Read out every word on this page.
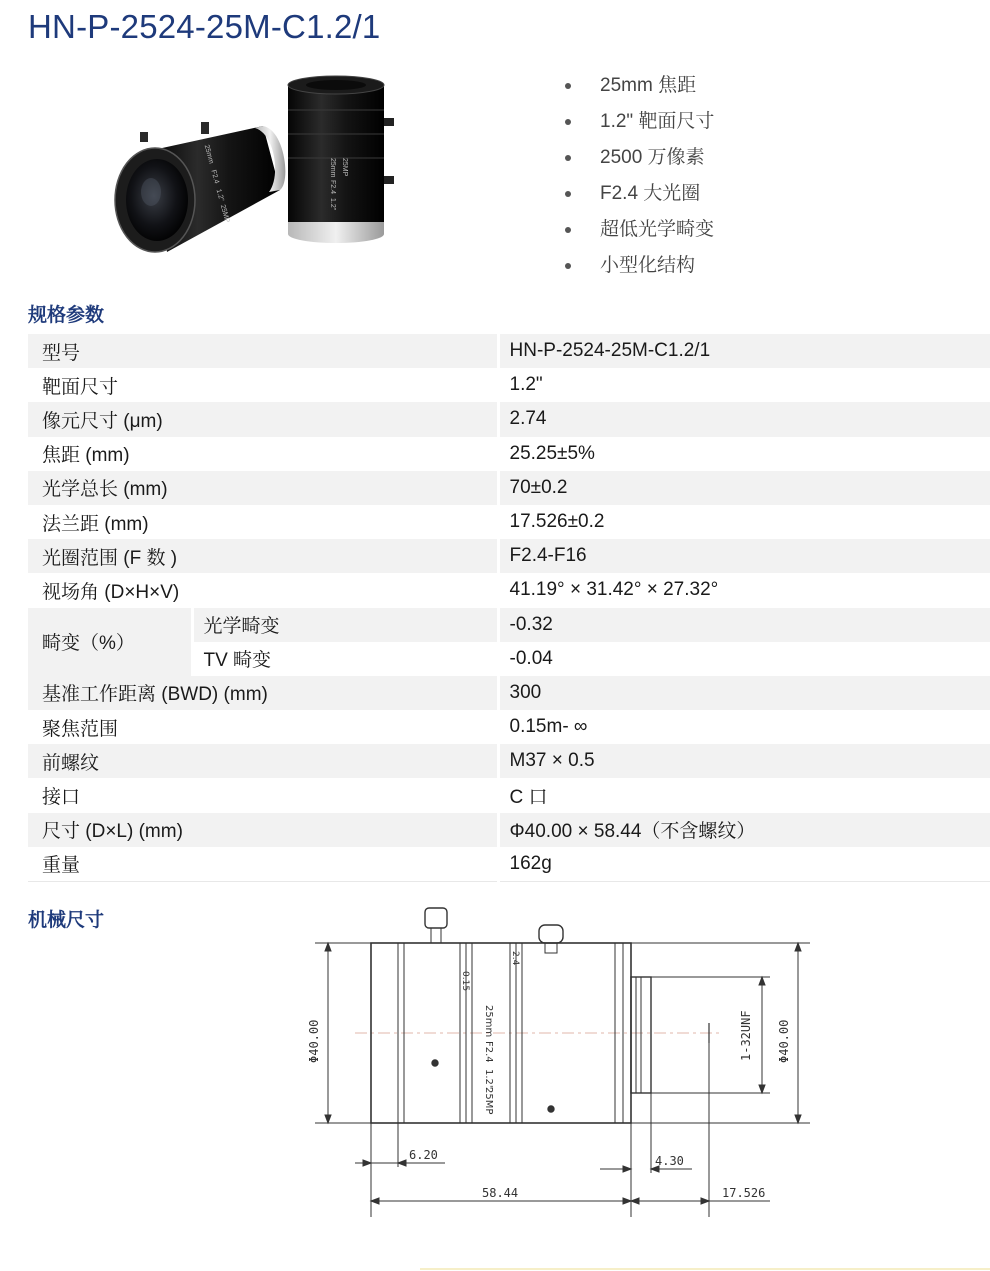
HN-P-2524-25M-C1.2/1
25mm
F2.4
1.2"
25MP
25mm
F2.4
1.2"
25MP
25mm 焦距
1.2" 靶面尺寸
2500 万像素
F2.4 大光圈
超低光学畸变
小型化结构
规格参数
型号		HN-P-2524-25M-C1.2/1
靶面尺寸		1.2"
像元尺寸 (μm)		2.74
焦距 (mm)		25.25±5%
光学总长 (mm)		70±0.2
法兰距 (mm)		17.526±0.2
光圈范围 (F 数 )		F2.4-F16
视场角 (D×H×V)		41.19° × 31.42° × 27.32°
畸变（%）	光学畸变	-0.32
	TV 畸变	-0.04
基准工作距离 (BWD) (mm)		300
聚焦范围		0.15m- ∞
前螺纹		M37 × 0.5
接口		C 口
尺寸 (D×L) (mm)		Φ40.00 × 58.44（不含螺纹）
重量		162g
机械尺寸
0.15
2.4
25mm
F2.4
1.2"
25MP
Φ40.00	Φ40.00
1-32UNF
6.20	4.30
58.44	17.526
